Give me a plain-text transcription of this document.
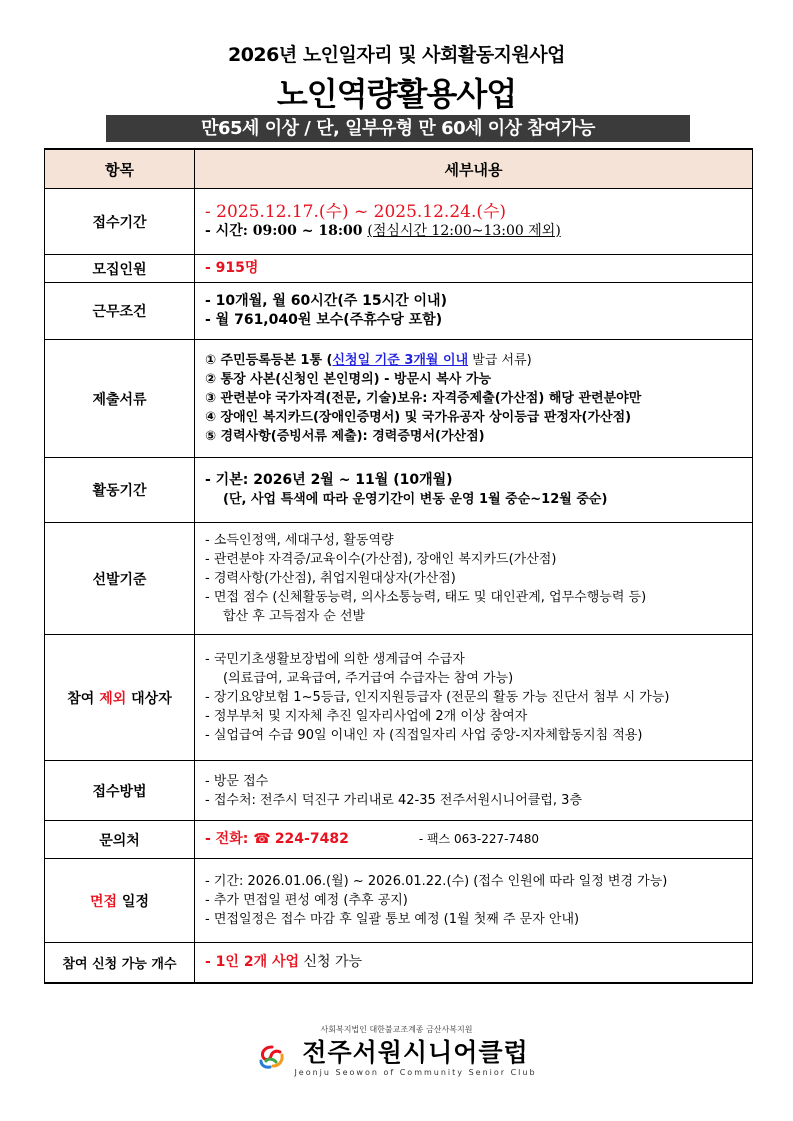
2026년 노인일자리 및 사회활동지원사업
노인역량활용사업
만65세 이상 / 단, 일부유형 만 60세 이상 참여가능
항목	세부내용
접수기간	- 2025.12.17.(수) ~ 2025.12.24.(수)
- 시간: 09:00 ~ 18:00 (점심시간 12:00~13:00 제외)

모집인원	- 915명

근무조건	- 10개월, 월 60시간(주 15시간 이내)
- 월 761,040원 보수(주휴수당 포함)

제출서류	① 주민등록등본 1통 (신청일 기준 3개월 이내 발급 서류)
② 통장 사본(신청인 본인명의) - 방문시 복사 가능
③ 관련분야 국가자격(전문, 기술)보유: 자격증제출(가산점) 해당 관련분야만
④ 장애인 복지카드(장애인증명서) 및 국가유공자 상이등급 판정자(가산점)
⑤ 경력사항(증빙서류 제출): 경력증명서(가산점)

활동기간	- 기본: 2026년 2월 ~ 11월 (10개월)
(단, 사업 특색에 따라 운영기간이 변동 운영 1월 중순~12월 중순)

선발기준	- 소득인정액, 세대구성, 활동역량
- 관련분야 자격증/교육이수(가산점), 장애인 복지카드(가산점)
- 경력사항(가산점), 취업지원대상자(가산점)
- 면접 점수 (신체활동능력, 의사소통능력, 태도 및 대인관계, 업무수행능력 등)
합산 후 고득점자 순 선발

참여 제외 대상자	- 국민기초생활보장법에 의한 생계급여 수급자
(의료급여, 교육급여, 주거급여 수급자는 참여 가능)
- 장기요양보험 1~5등급, 인지지원등급자 (전문의 활동 가능 진단서 첨부 시 가능)
- 정부부처 및 지자체 추진 일자리사업에 2개 이상 참여자
- 실업급여 수급 90일 이내인 자 (직접일자리 사업 중앙-지자체합동지침 적용)

접수방법	- 방문 접수
- 접수처: 전주시 덕진구 가리내로 42-35 전주서원시니어클럽, 3층

문의처	- 전화: ☎ 224-7482 - 팩스 063-227-7480

면접 일정	- 기간: 2026.01.06.(월) ~ 2026.01.22.(수) (접수 인원에 따라 일정 변경 가능)
- 추가 면접일 편성 예정 (추후 공지)
- 면접일정은 접수 마감 후 일괄 통보 예정 (1월 첫째 주 문자 안내)

참여 신청 가능 개수	- 1인 2개 사업 신청 가능
사회복지법인 대한불교조계종 금산사복지원
전주서원시니어클럽
Jeonju Seowon of Community Senior Club
